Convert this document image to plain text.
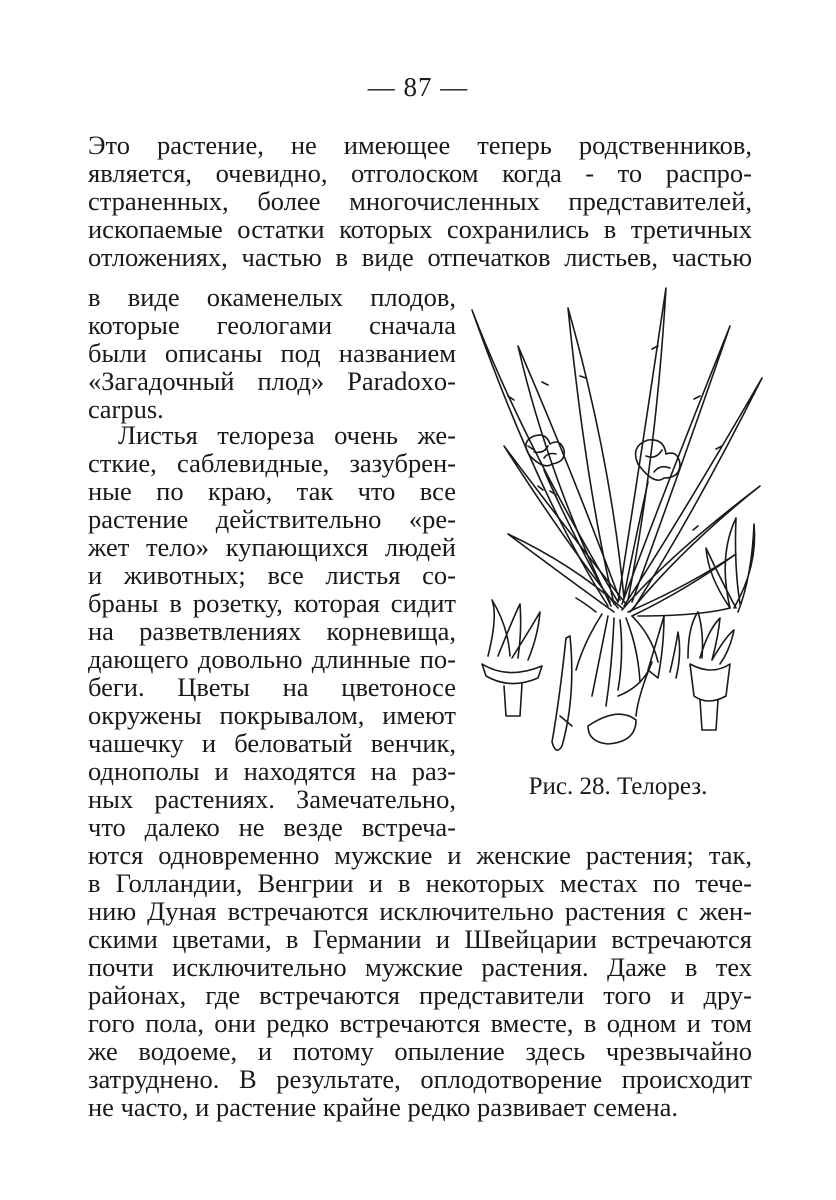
— 87 —
Это растение, не имеющее теперь родственников,
является, очевидно, отголоском когда - то распро-
страненных, более многочисленных представителей,
ископаемые остатки которых сохранились в третичных
отложениях, частью в виде отпечатков листьев, частью
в виде окаменелых плодов,
которые геологами сначала
были описаны под названием
«Загадочный плод» Paradoxo-
carpus.
Листья телореза очень же-
сткие, саблевидные, зазубрен-
ные по краю, так что все
растение действительно «ре-
жет тело» купающихся людей
и животных; все листья со-
браны в розетку, которая сидит
на разветвлениях корневища,
дающего довольно длинные по-
беги. Цветы на цветоносе
окружены покрывалом, имеют
чашечку и беловатый венчик,
однополы и находятся на раз-
ных растениях. Замечательно,
что далеко не везде встреча-
ются одновременно мужские и женские растения; так,
в Голландии, Венгрии и в некоторых местах по тече-
нию Дуная встречаются исключительно растения с жен-
скими цветами, в Германии и Швейцарии встречаются
почти исключительно мужские растения. Даже в тех
районах, где встречаются представители того и дру-
гого пола, они редко встречаются вместе, в одном и том
же водоеме, и потому опыление здесь чрезвычайно
затруднено. В результате, оплодотворение происходит
не часто, и растение крайне редко развивает семена.
Рис. 28. Телорез.
